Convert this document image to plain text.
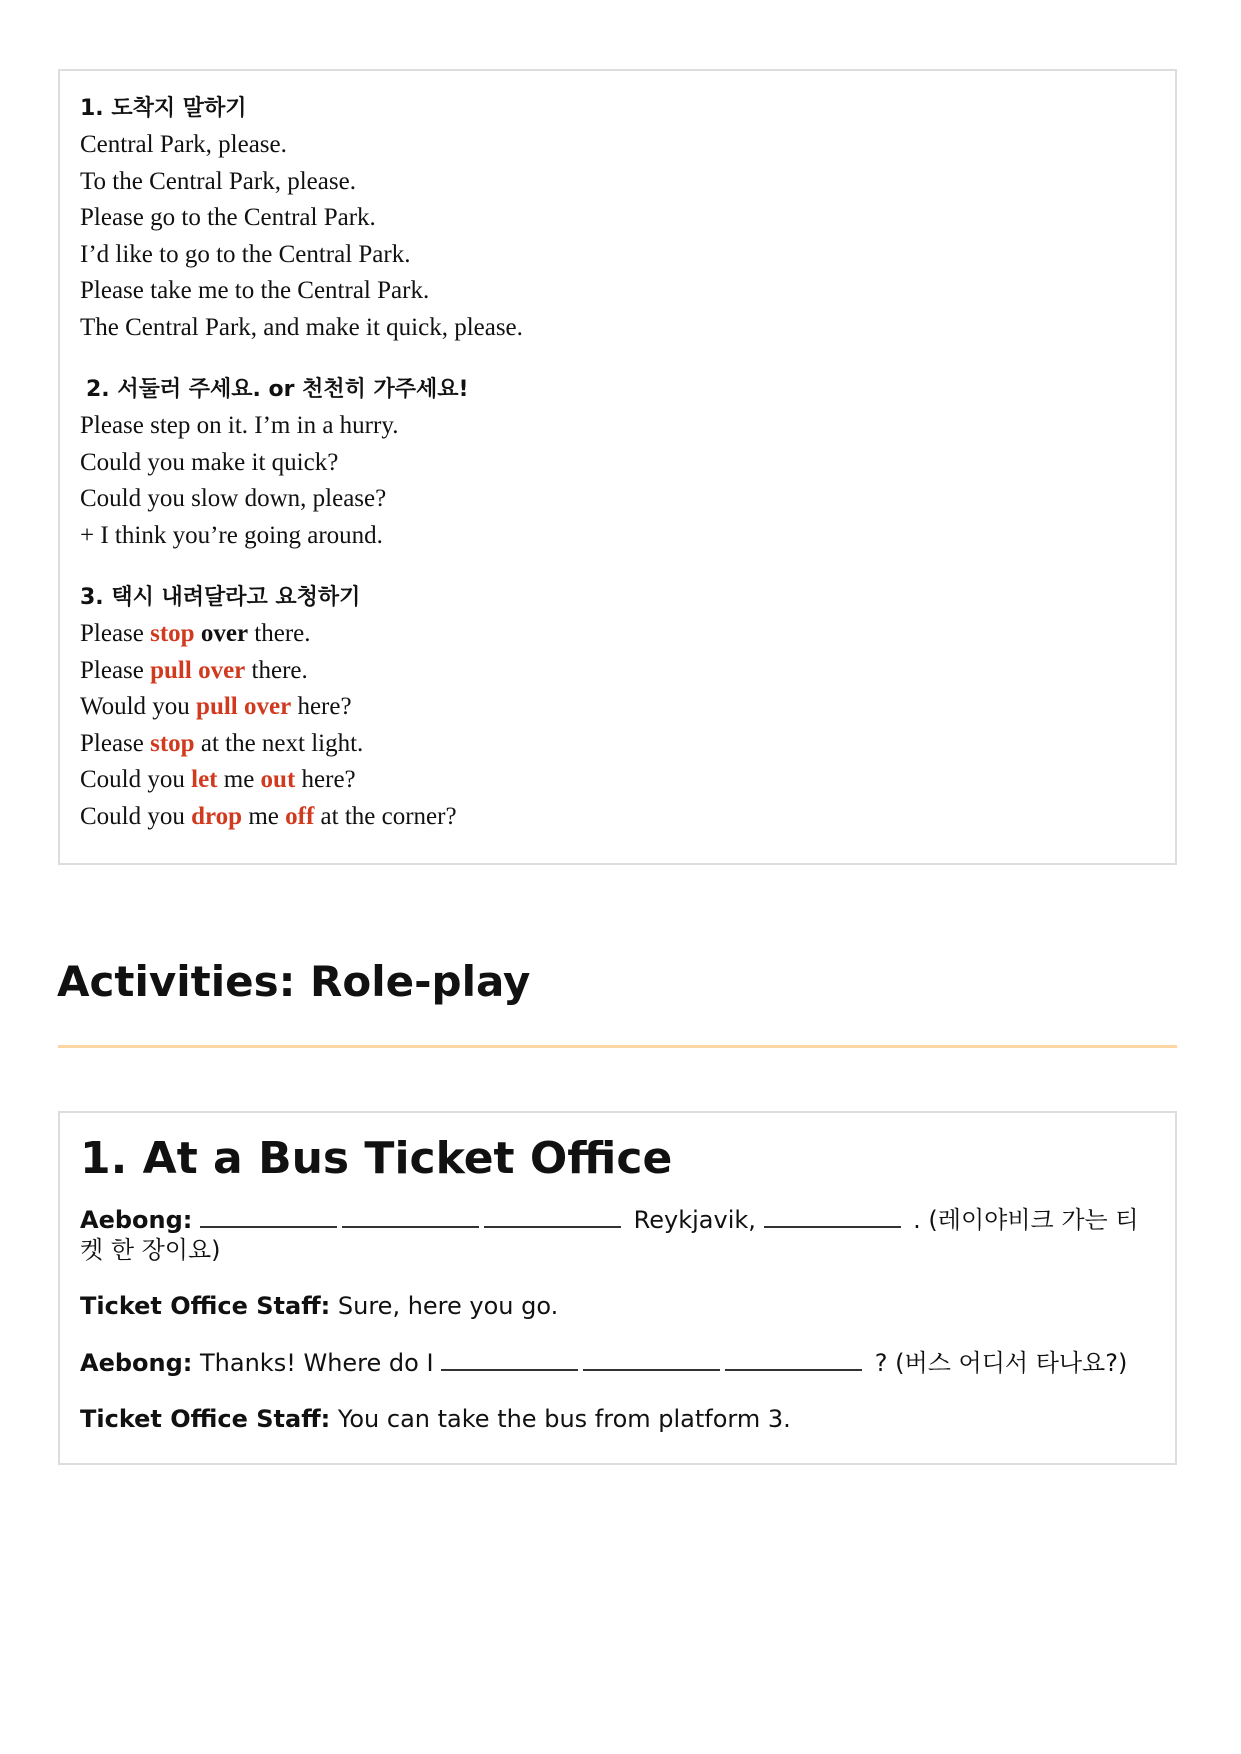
1. 도착지 말하기
Central Park, please.
To the Central Park, please.
Please go to the Central Park.
I’d like to go to the Central Park.
Please take me to the Central Park.
The Central Park, and make it quick, please.
2. 서둘러 주세요. or 천천히 가주세요!
Please step on it. I’m in a hurry.
Could you make it quick?
Could you slow down, please?
+ I think you’re going around.
3. 택시 내려달라고 요청하기
Please stop over there.
Please pull over there.
Would you pull over here?
Please stop at the next light.
Could you let me out here?
Could you drop me off at the corner?
Activities: Role-play
1. At a Bus Ticket Office
Aebong:	Reykjavik,	. (레이야비크 가는 티켓 한 장이요)
Ticket Office Staff: Sure, here you go.
Aebong: Thanks! Where do I	? (버스 어디서 타나요?)
Ticket Office Staff: You can take the bus from platform 3.
